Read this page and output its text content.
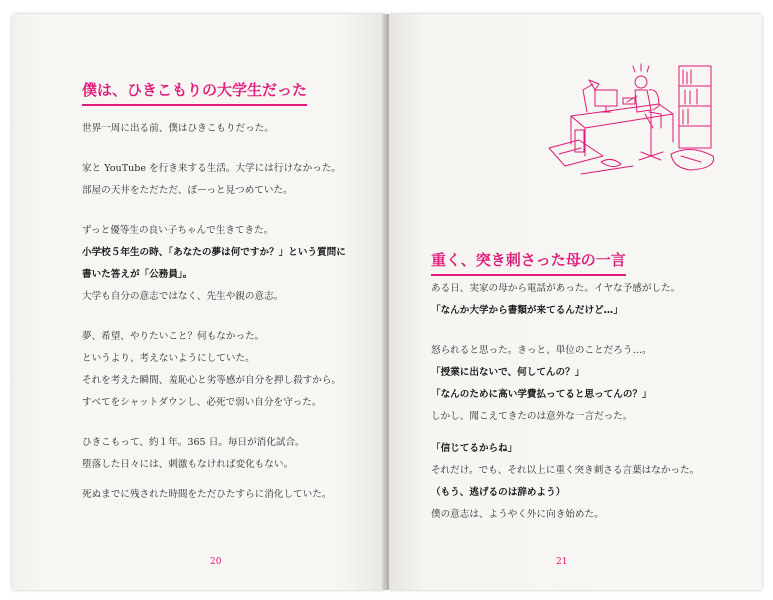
僕は、ひきこもりの大学生だった

世界一周に出る前、僕はひきこもりだった。

家と YouTube を行き来する生活。大学には行けなかった。

部屋の天井をただただ、ぼーっと見つめていた。

ずっと優等生の良い子ちゃんで生きてきた。

小学校５年生の時、「あなたの夢は何ですか？」という質問に

書いた答えが「公務員」。

大学も自分の意志ではなく、先生や親の意志。

夢、希望、やりたいこと？何もなかった。

というより、考えないようにしていた。

それを考えた瞬間、羞恥心と劣等感が自分を押し殺すから。

すべてをシャットダウンし、必死で弱い自分を守った。

ひきこもって、約１年。365 日。毎日が消化試合。

堕落した日々には、刺激もなければ変化もない。

死ぬまでに残された時間をただひたすらに消化していた。

20

重く、突き刺さった母の一言

ある日、実家の母から電話があった。イヤな予感がした。

「なんか大学から書類が来てるんだけど…」

怒られると思った。きっと、単位のことだろう…。

「授業に出ないで、何してんの？」

「なんのために高い学費払ってると思ってんの？」

しかし、聞こえてきたのは意外な一言だった。

「信じてるからね」

それだけ。でも、それ以上に重く突き刺さる言葉はなかった。

（もう、逃げるのは辞めよう）

僕の意志は、ようやく外に向き始めた。

21
